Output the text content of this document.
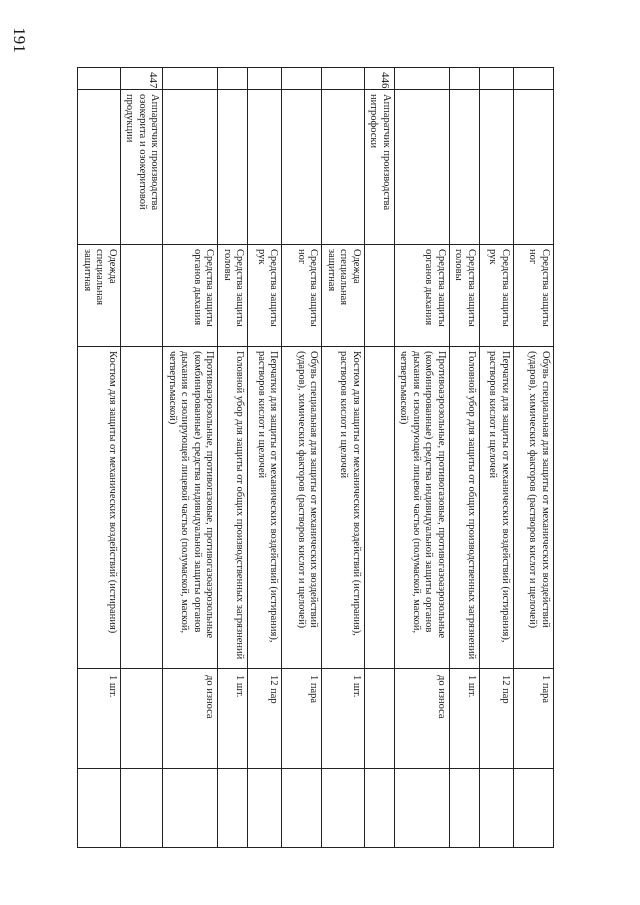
191
		Средства защиты ног	Обувь специальная для защиты от механических воздействий (ударов), химических факторов (растворов кислот и щелочей)	1 пара	
		Средства защиты рук	Перчатки для защиты от механических воздействий (истирания), растворов кислот и щелочей	12 пар	
		Средства защиты головы	Головной убор для защиты от общих производственных загрязнений	1 шт.	
		Средства защиты органов дыхания	Противоаэрозольные, противогазовые, противогазоаэрозольные (комбинированные) средства индивидуальной защиты органов дыхания с изолирующей лицевой частью (полумаской, маской, четвертьмаской)	до износа	
446	Аппаратчик производства нитрофоски				
		Одежда специальная защитная	Костюм для защиты от механических воздействий (истирания), растворов кислот и щелочей	1 шт.	
		Средства защиты ног	Обувь специальная для защиты от механических воздействий (ударов), химических факторов (растворов кислот и щелочей)	1 пара	
		Средства защиты рук	Перчатки для защиты от механических воздействий (истирания), растворов кислот и щелочей	12 пар	
		Средства защиты головы	Головной убор для защиты от общих производственных загрязнений	1 шт.	
		Средства защиты органов дыхания	Противоаэрозольные, противогазовые, противогазоаэрозольные (комбинированные) средства индивидуальной защиты органов дыхания с изолирующей лицевой частью (полумаской, маской, четвертьмаской)	до износа	
447	Аппаратчик производства озокерита и озокеритовой продукции				
		Одежда специальная защитная	Костюм для защиты от механических воздействий (истирания)	1 шт.	
